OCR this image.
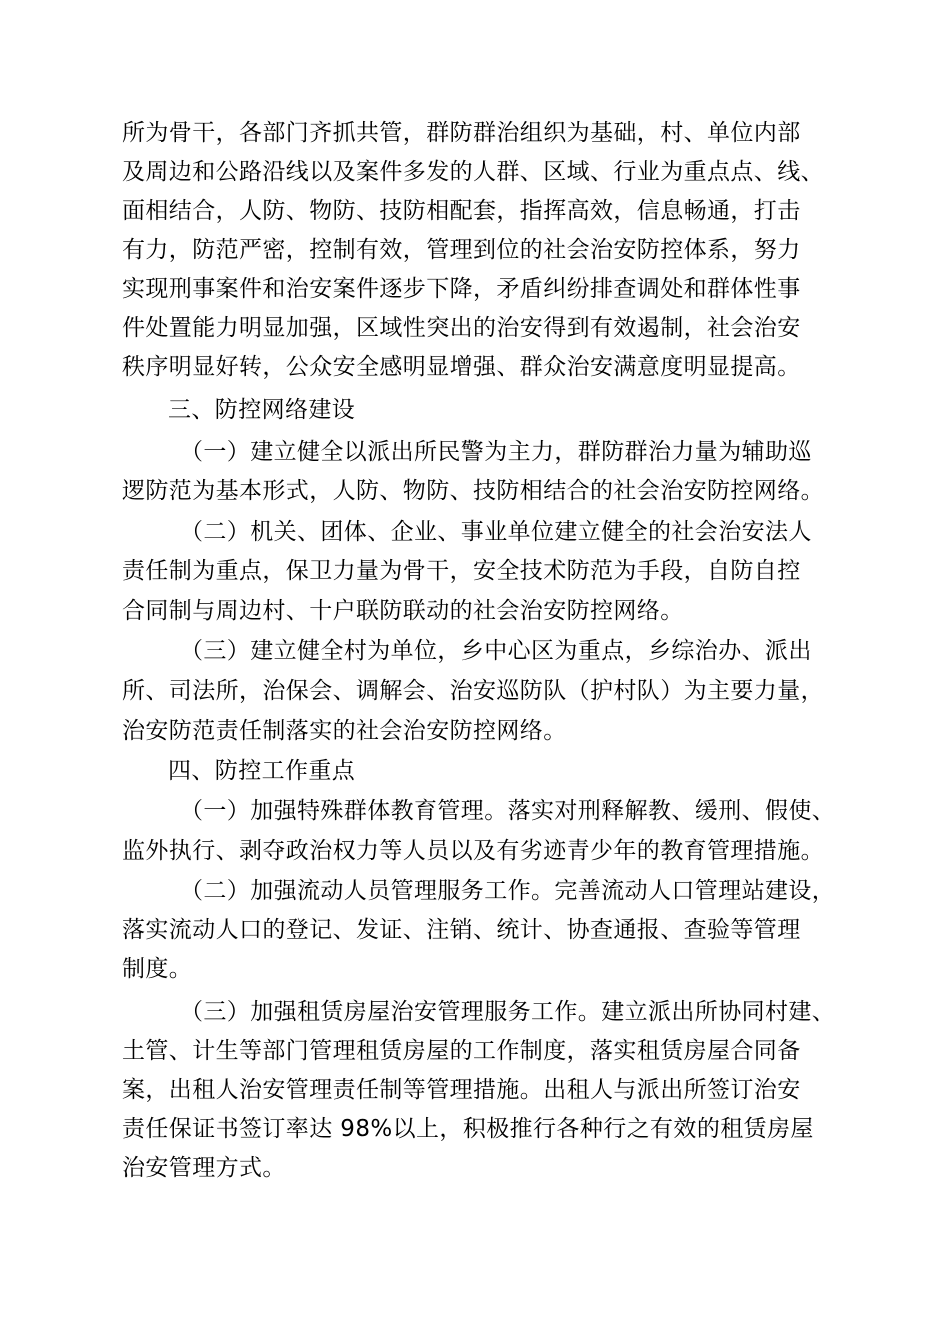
所为骨干，各部门齐抓共管，群防群治组织为基础，村、单位内部
及周边和公路沿线以及案件多发的人群、区域、行业为重点点、线、
面相结合，人防、物防、技防相配套，指挥高效，信息畅通，打击
有力，防范严密，控制有效，管理到位的社会治安防控体系，努力
实现刑事案件和治安案件逐步下降，矛盾纠纷排查调处和群体性事
件处置能力明显加强，区域性突出的治安得到有效遏制，社会治安
秩序明显好转，公众安全感明显增强、群众治安满意度明显提高。
三、防控网络建设
（一）建立健全以派出所民警为主力，群防群治力量为辅助巡
逻防范为基本形式，人防、物防、技防相结合的社会治安防控网络。
（二）机关、团体、企业、事业单位建立健全的社会治安法人
责任制为重点，保卫力量为骨干，安全技术防范为手段，自防自控
合同制与周边村、十户联防联动的社会治安防控网络。
（三）建立健全村为单位，乡中心区为重点，乡综治办、派出
所、司法所，治保会、调解会、治安巡防队（护村队）为主要力量，
治安防范责任制落实的社会治安防控网络。
四、防控工作重点
（一）加强特殊群体教育管理。落实对刑释解教、缓刑、假使、
监外执行、剥夺政治权力等人员以及有劣迹青少年的教育管理措施。
（二）加强流动人员管理服务工作。完善流动人口管理站建设，
落实流动人口的登记、发证、注销、统计、协查通报、查验等管理
制度。
（三）加强租赁房屋治安管理服务工作。建立派出所协同村建、
土管、计生等部门管理租赁房屋的工作制度，落实租赁房屋合同备
案，出租人治安管理责任制等管理措施。出租人与派出所签订治安
责任保证书签订率达 98%以上，积极推行各种行之有效的租赁房屋
治安管理方式。
